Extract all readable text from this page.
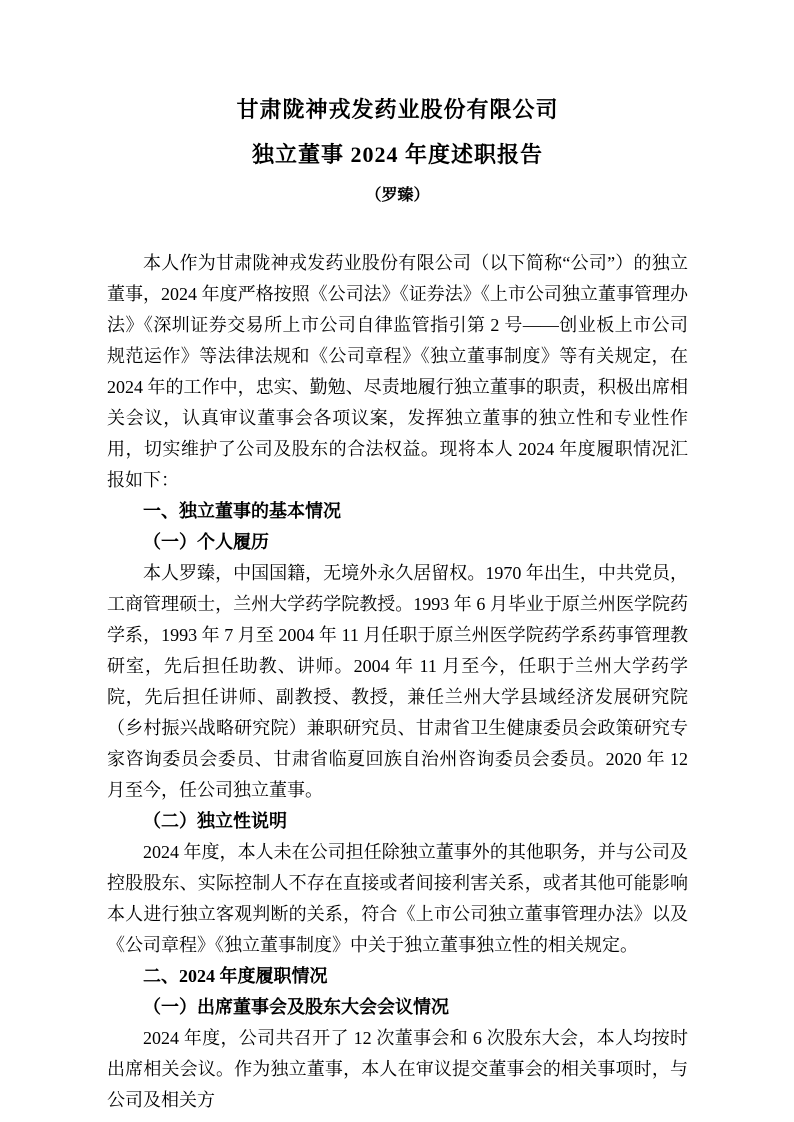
甘肃陇神戎发药业股份有限公司
独立董事 2024 年度述职报告
（罗臻）

本人作为甘肃陇神戎发药业股份有限公司（以下简称“公司”）的独立董事，2024 年度严格按照《公司法》《证券法》《上市公司独立董事管理办法》《深圳证券交易所上市公司自律监管指引第 2 号——创业板上市公司规范运作》等法律法规和《公司章程》《独立董事制度》等有关规定，在 2024 年的工作中，忠实、勤勉、尽责地履行独立董事的职责，积极出席相关会议，认真审议董事会各项议案，发挥独立董事的独立性和专业性作用，切实维护了公司及股东的合法权益。现将本人 2024 年度履职情况汇报如下：

一、独立董事的基本情况

（一）个人履历

本人罗臻，中国国籍，无境外永久居留权。1970 年出生，中共党员，工商管理硕士，兰州大学药学院教授。1993 年 6 月毕业于原兰州医学院药学系，1993 年 7 月至 2004 年 11 月任职于原兰州医学院药学系药事管理教研室，先后担任助教、讲师。2004 年 11 月至今，任职于兰州大学药学院，先后担任讲师、副教授、教授，兼任兰州大学县域经济发展研究院（乡村振兴战略研究院）兼职研究员、甘肃省卫生健康委员会政策研究专家咨询委员会委员、甘肃省临夏回族自治州咨询委员会委员。2020 年 12 月至今，任公司独立董事。

（二）独立性说明

2024 年度，本人未在公司担任除独立董事外的其他职务，并与公司及控股股东、实际控制人不存在直接或者间接利害关系，或者其他可能影响本人进行独立客观判断的关系，符合《上市公司独立董事管理办法》以及《公司章程》《独立董事制度》中关于独立董事独立性的相关规定。

二、2024 年度履职情况

（一）出席董事会及股东大会会议情况

2024 年度，公司共召开了 12 次董事会和 6 次股东大会，本人均按时出席相关会议。作为独立董事，本人在审议提交董事会的相关事项时，与公司及相关方
